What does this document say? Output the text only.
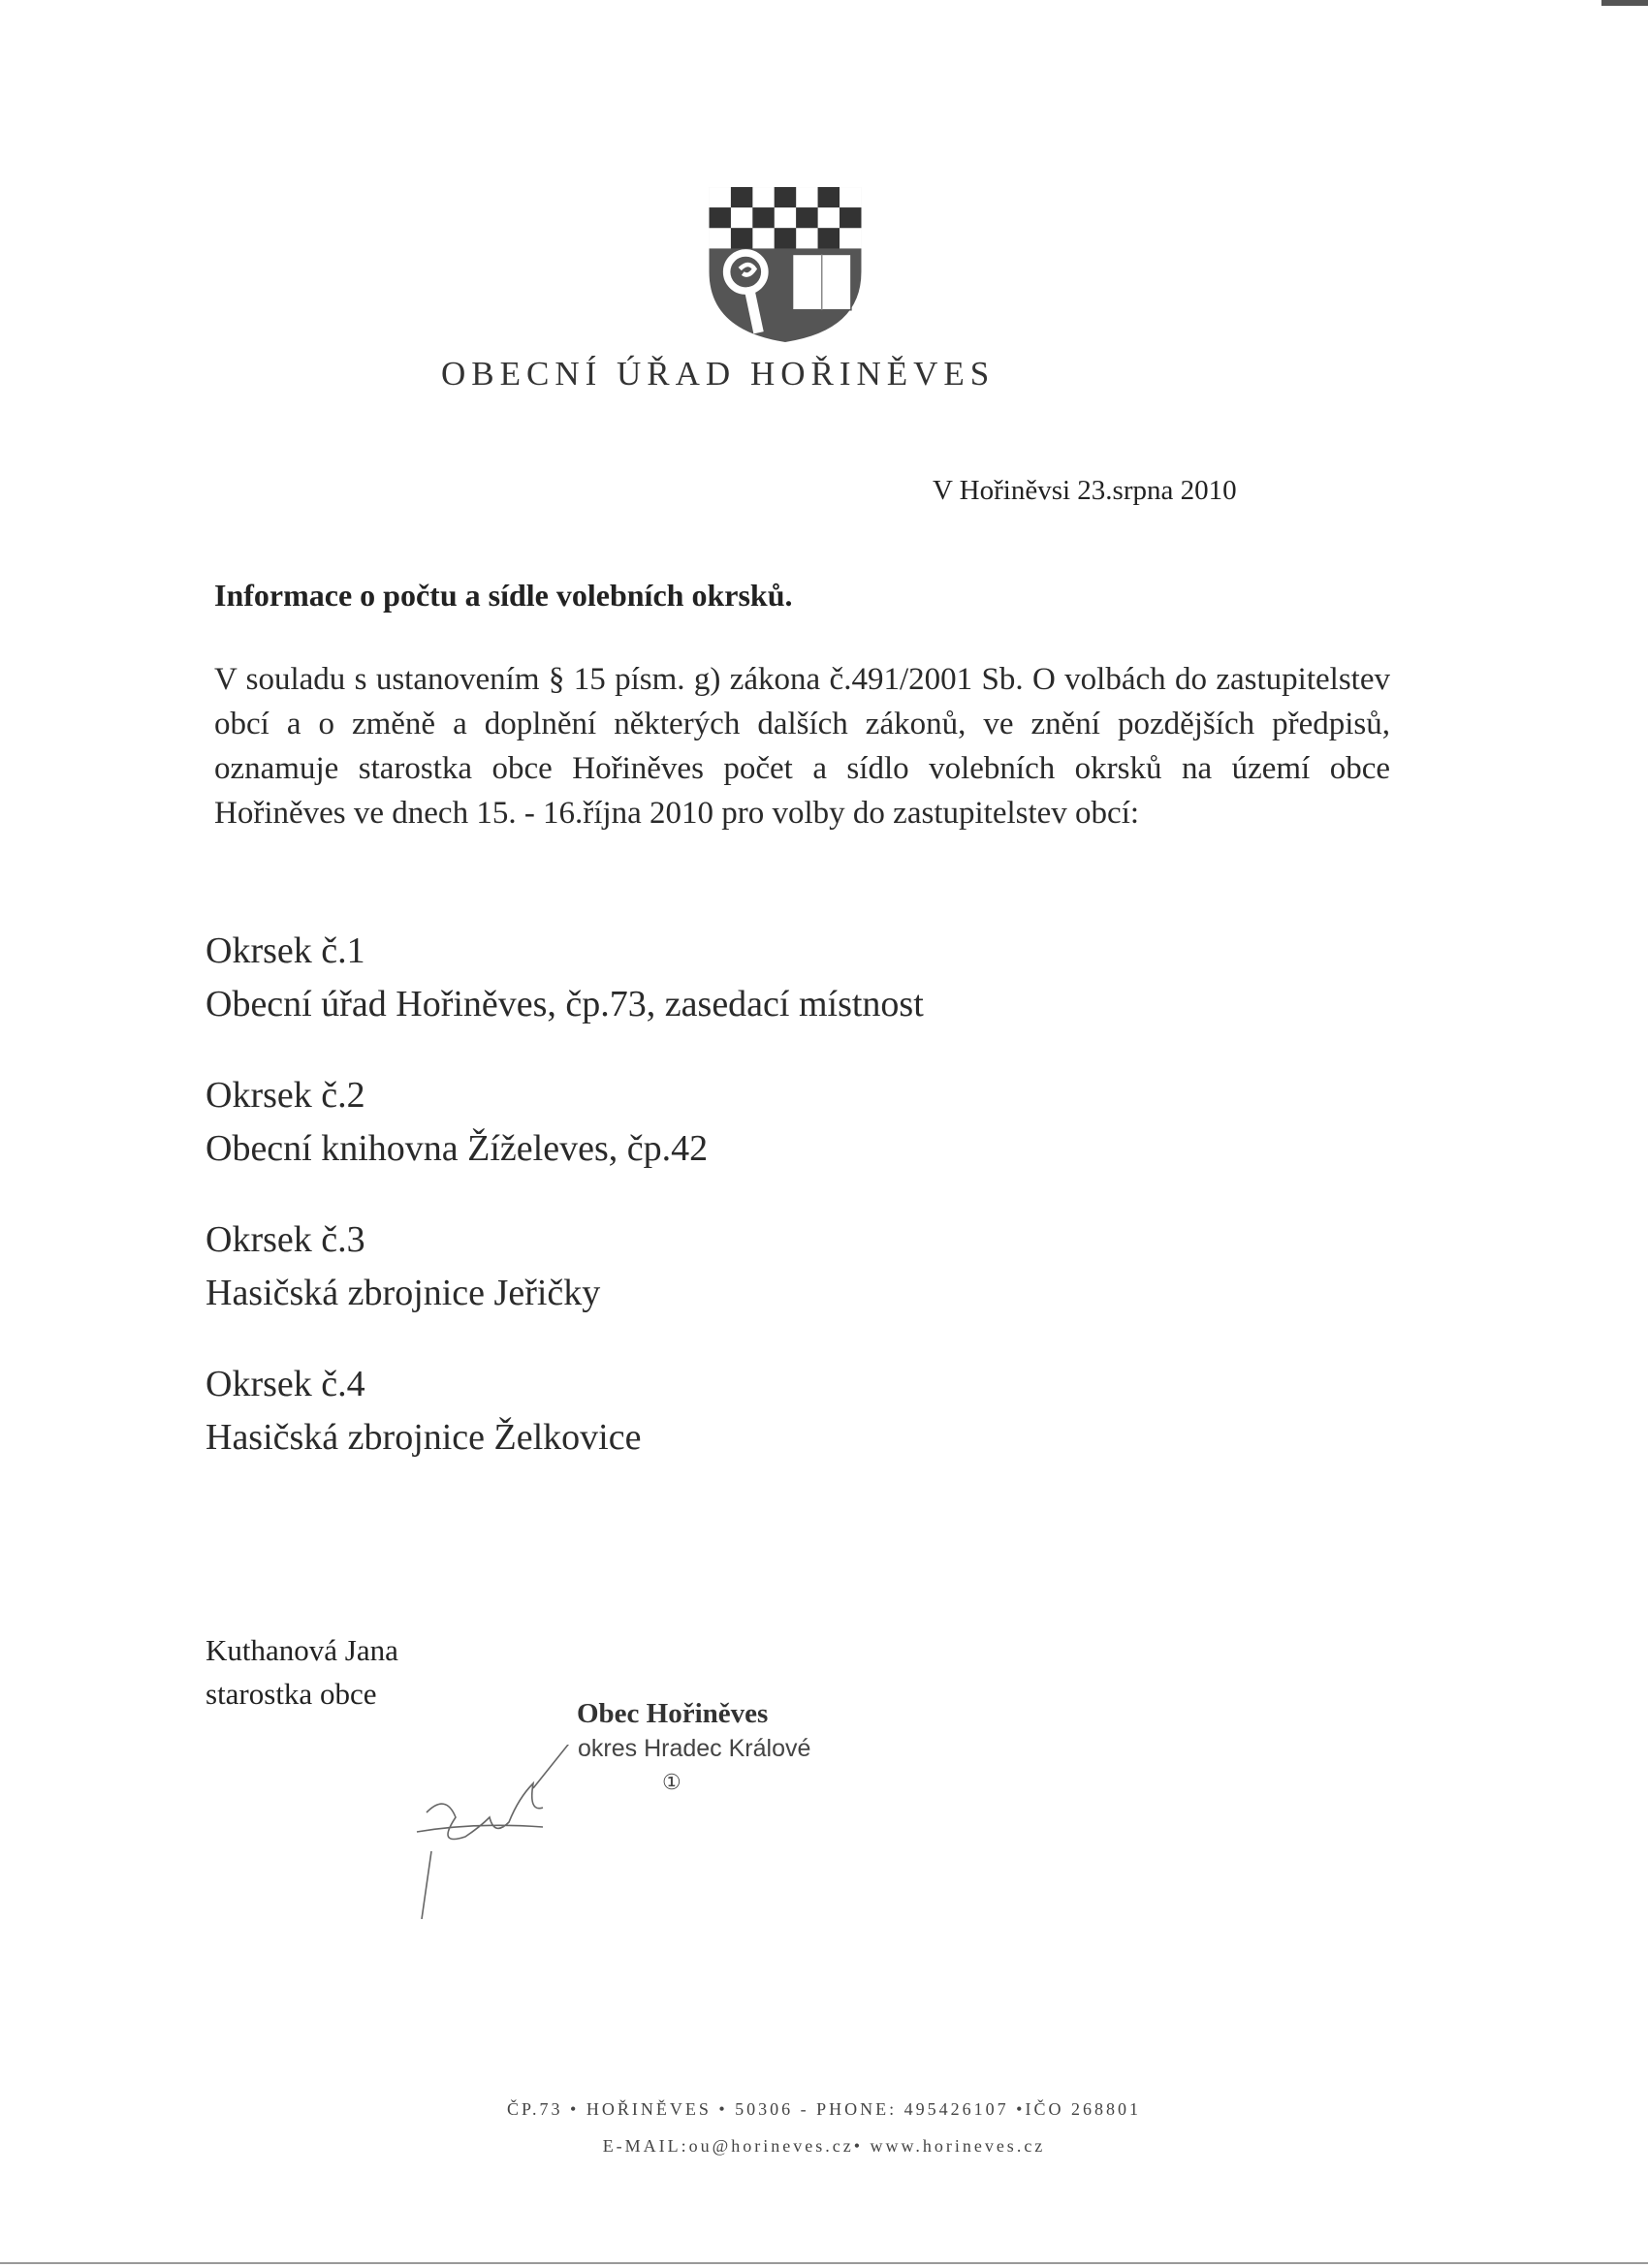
OBECNÍ ÚŘAD HOŘINĚVES
V Hořiněvsi 23.srpna 2010
Informace o počtu a sídle volebních okrsků.
V souladu s ustanovením § 15 písm. g) zákona č.491/2001 Sb. O volbách do zastupitelstev obcí a o změně a doplnění některých dalších zákonů, ve znění pozdějších předpisů, oznamuje starostka obce Hořiněves počet a sídlo volebních okrsků na území obce Hořiněves ve dnech 15. - 16.října 2010 pro volby do zastupitelstev obcí:
Okrsek č.1
Obecní úřad Hořiněves, čp.73, zasedací místnost
Okrsek č.2
Obecní knihovna Žíželeves, čp.42
Okrsek č.3
Hasičská zbrojnice Jeřičky
Okrsek č.4
Hasičská zbrojnice Želkovice
Kuthanová Jana
starostka obce
Obec Hořiněves
okres Hradec Králové
①
ČP.73 • HOŘINĚVES • 50306 - PHONE: 495426107 •IČO 268801
E-MAIL:ou@horineves.cz• www.horineves.cz
